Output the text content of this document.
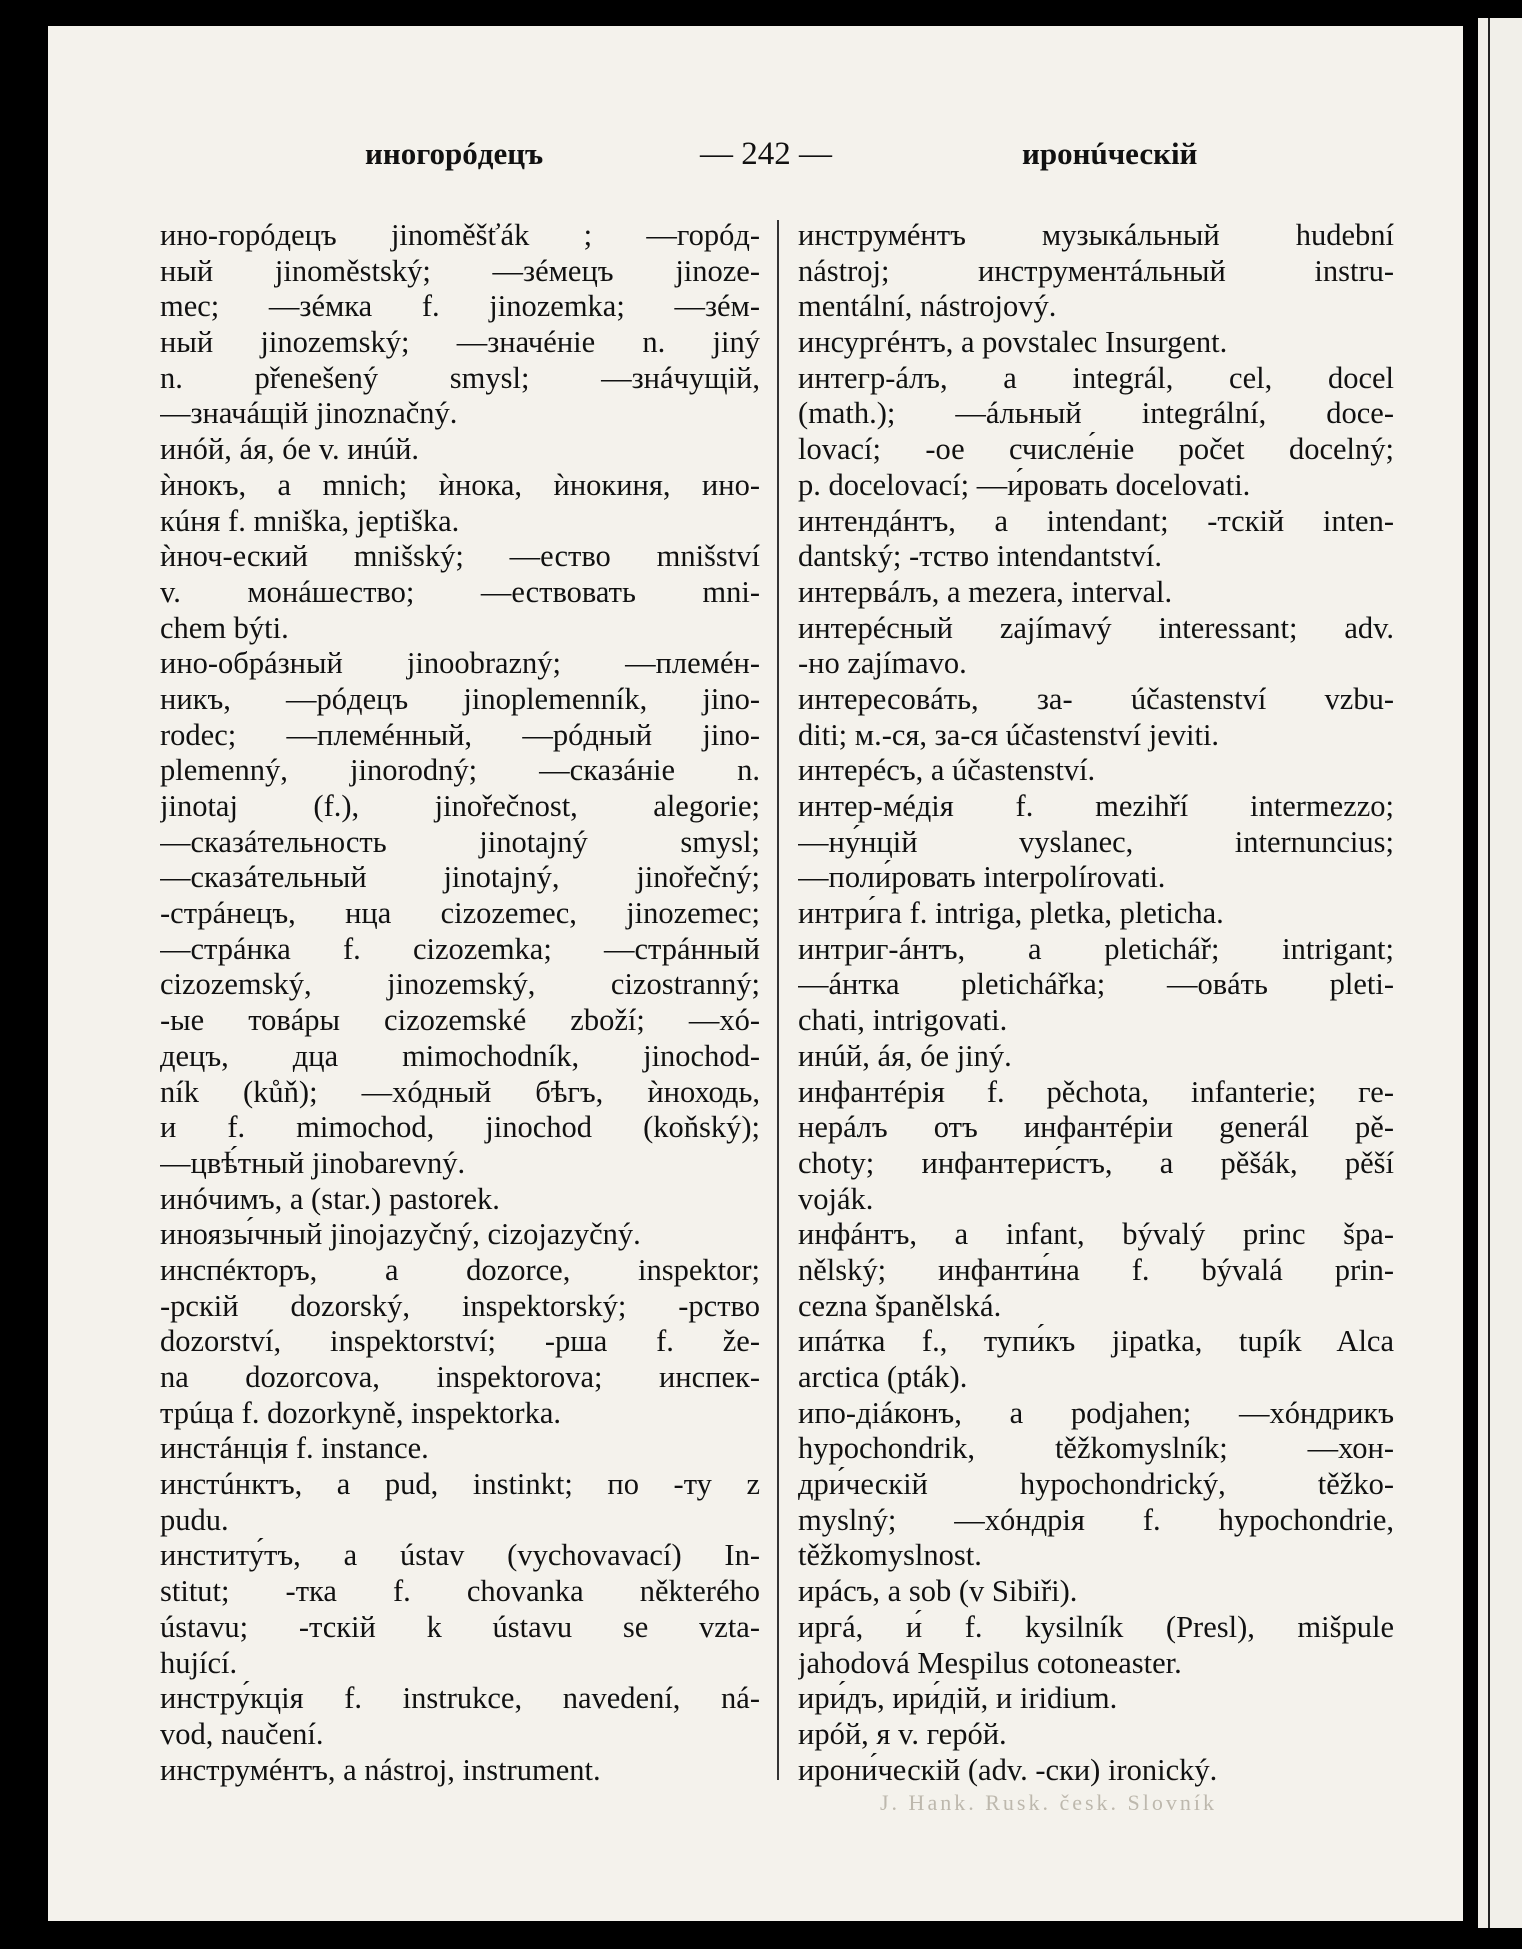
иногорóдецъ	— 242 —	иронúческій
ино-горóдецъ jinoměšťák ; —горóд-
ный jinoměstský; —зéмецъ jinoze-
mec; —зéмка f. jinozemka; —зéм-
ный jinozemský; —значéніе n. jiný
n. přenešený smysl; —знáчущій,
—значáщій jinoznačný.
инóй, áя, óе v. инúй.
ѝнокъ, a mnich; ѝнока, ѝнокиня, ино-
кúня f. mniška, jeptiška.
ѝноч-еский mnišský; —ество mnišství
v. монáшество; —ествовать mni-
chem býti.
ино-обрáзный jinoobrazný; —племéн-
никъ, —рóдецъ jinoplemenník, jino-
rodec; —племéнный, —рóдный jino-
plemenný, jinorodný; —сказáніе n.
jinotaj (f.), jinořečnost, alegorie;
—сказáтельность jinotajný smysl;
—сказáтельный jinotajný, jinořečný;
-стрáнецъ, нца cizozemec, jinozemec;
—стрáнка f. cizozemka; —стрáнный
cizozemský, jinozemský, cizostranný;
-ые товáры cizozemské zboží; —хó-
децъ, дца mimochodník, jinochod-
ník (kůň); —хóдный бѣгъ, ѝноходь,
и f. mimochod, jinochod (koňský);
—цвѣ́тный jinobarevný.
инóчимъ, a (star.) pastorek.
иноязы́чный jinojazyčný, cizojazyčný.
инспéкторъ, a dozorce, inspektor;
-рскій dozorský, inspektorský; -рство
dozorství, inspektorství; -рша f. že-
na dozorcova, inspektorova; инспек-
трúца f. dozorkyně, inspektorka.
инстáнція f. instance.
инстúнктъ, a pud, instinkt; по -ту z
pudu.
институ́тъ, a ústav (vychovavací) In-
stitut; -тка f. chovanka některého
ústavu; -тскій k ústavu se vzta-
hující.
инстру́кція f. instrukce, navedení, ná-
vod, naučení.
инструмéнтъ, a nástroj, instrument.
инструмéнтъ музыкáльный hudební
nástroj; инструментáльный instru-
mentální, nástrojový.
инсургéнтъ, a povstalec Insurgent.
интегр-áлъ, a integrál, cel, docel
(math.); —áльный integrální, doce-
lovací; -ое счисле́ніе počet docelný;
p. docelovací; —и́ровать docelovati.
интендáнтъ, a intendant; -тскій inten-
dantský; -тство intendantství.
интервáлъ, a mezera, interval.
интерéсный zajímavý interessant; adv.
-но zajímavo.
интересовáть, за- účastenství vzbu-
diti; м.-ся, за-ся účastenství jeviti.
интерéсъ, a účastenství.
интер-мéдія f. mezihří intermezzo;
—ну́нцій vyslanec, internuncius;
—поли́ровать interpolírovati.
интри́га f. intriga, pletka, pleticha.
интриг-áнтъ, a pletichář; intrigant;
—áнтка pletichářka; —овáть pleti-
chati, intrigovati.
инúй, áя, óе jiný.
инфантéрія f. pěchota, infanterie; ге-
нерáлъ отъ инфантéріи generál pě-
choty; инфантери́стъ, a pěšák, pěší
voják.
инфáнтъ, a infant, bývalý princ špa-
nělský; инфанти́на f. bývalá prin-
cezna španělská.
ипáтка f., тупи́къ jipatka, tupík Alca
arctica (pták).
ипо-діáконъ, a podjahen; —хóндрикъ
hypochondrik, těžkomyslník; —хон-
дри́ческій hypochondrický, těžko-
myslný; —хóндрія f. hypochondrie,
těžkomyslnost.
ирáсъ, a sob (v Sibiři).
иргá, и́ f. kysilník (Presl), mišpule
jahodová Mespilus cotoneaster.
ири́дъ, ири́дій, и iridium.
ирóй, я v. герóй.
ирони́ческій (adv. -ски) ironický.
J. Hank. Rusk. česk. Slovník
